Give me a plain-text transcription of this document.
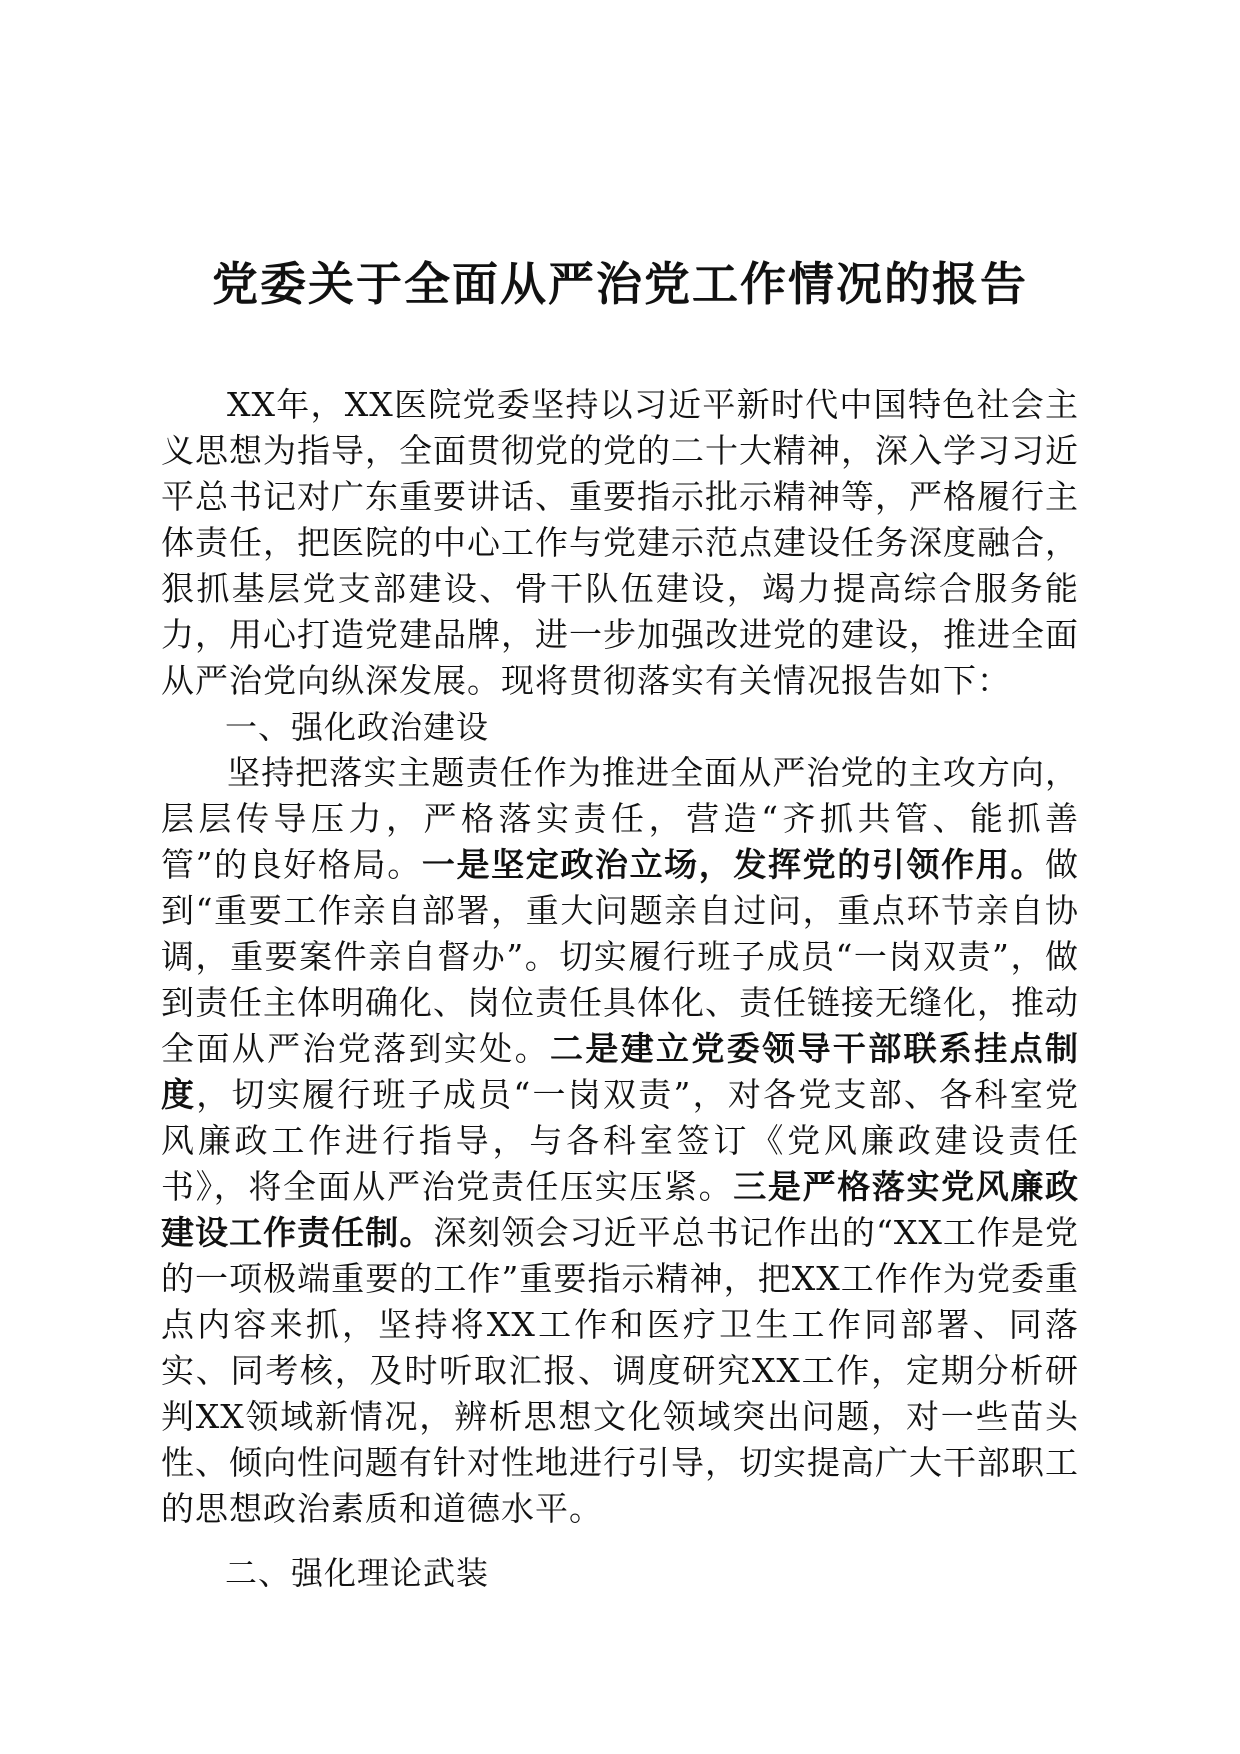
党委关于全面从严治党工作情况的报告

XX年，XX医院党委坚持以习近平新时代中国特色社会主义思想为指导，全面贯彻党的党的二十大精神，深入学习习近平总书记对广东重要讲话、重要指示批示精神等，严格履行主体责任，把医院的中心工作与党建示范点建设任务深度融合，狠抓基层党支部建设、骨干队伍建设，竭力提高综合服务能力，用心打造党建品牌，进一步加强改进党的建设，推进全面从严治党向纵深发展。现将贯彻落实有关情况报告如下：

一、强化政治建设

坚持把落实主题责任作为推进全面从严治党的主攻方向，层层传导压力，严格落实责任，营造“齐抓共管、能抓善管”的良好格局。一是坚定政治立场，发挥党的引领作用。做到“重要工作亲自部署，重大问题亲自过问，重点环节亲自协调，重要案件亲自督办”。切实履行班子成员“一岗双责”，做到责任主体明确化、岗位责任具体化、责任链接无缝化，推动全面从严治党落到实处。二是建立党委领导干部联系挂点制度，切实履行班子成员“一岗双责”，对各党支部、各科室党风廉政工作进行指导，与各科室签订《党风廉政建设责任书》，将全面从严治党责任压实压紧。三是严格落实党风廉政建设工作责任制。深刻领会习近平总书记作出的“XX工作是党的一项极端重要的工作”重要指示精神，把XX工作作为党委重点内容来抓，坚持将XX工作和医疗卫生工作同部署、同落实、同考核，及时听取汇报、调度研究XX工作，定期分析研判XX领域新情况，辨析思想文化领域突出问题，对一些苗头性、倾向性问题有针对性地进行引导，切实提高广大干部职工的思想政治素质和道德水平。

二、强化理论武装
